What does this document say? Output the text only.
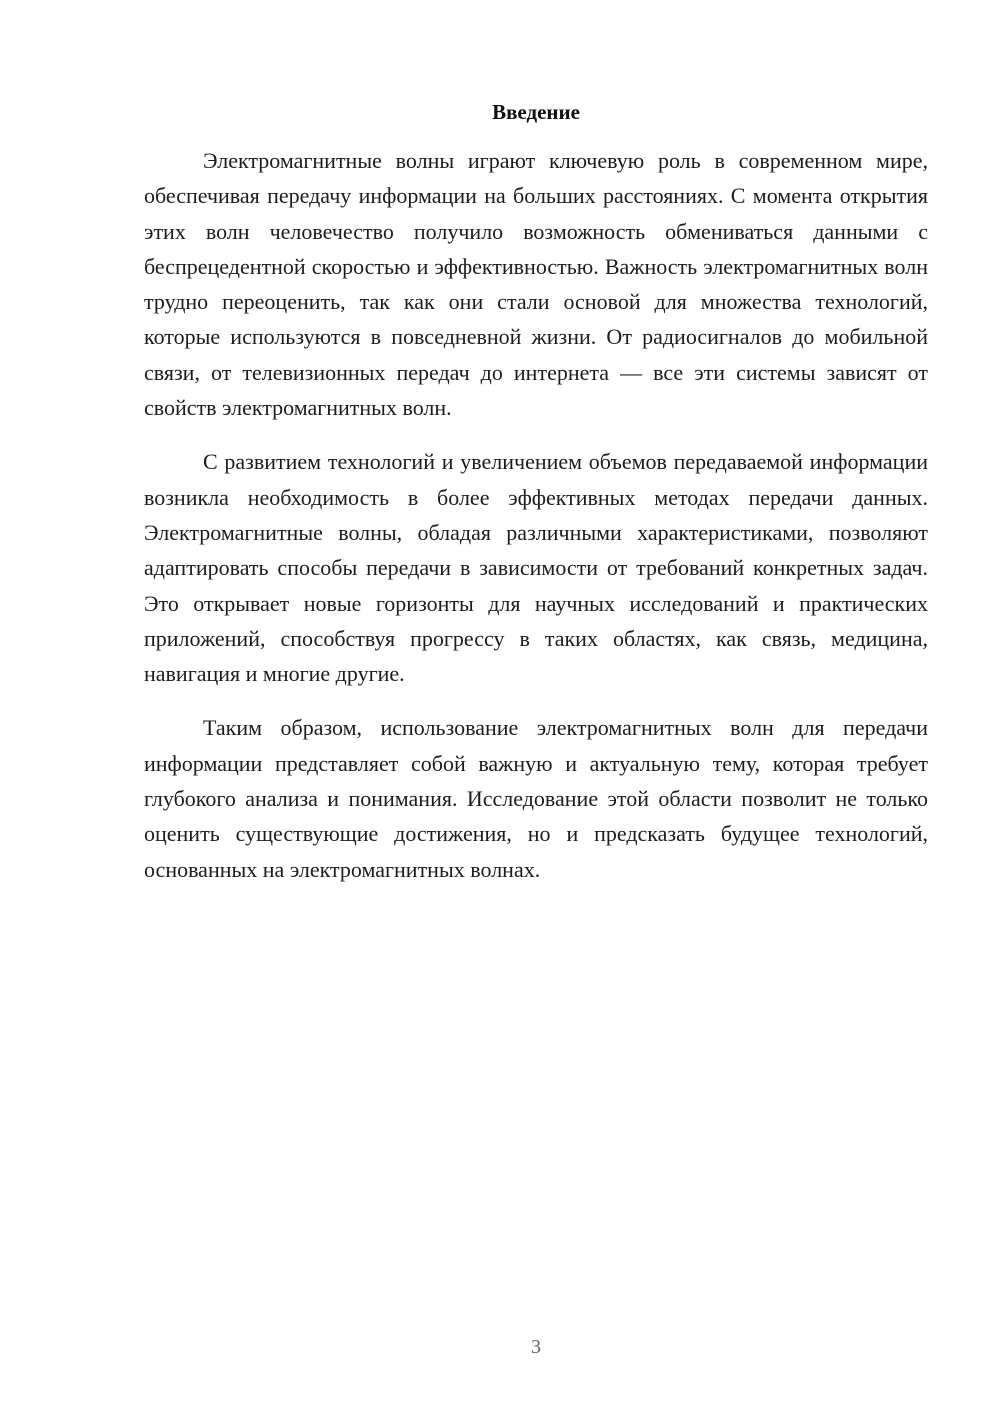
Введение

Электромагнитные волны играют ключевую роль в современном мире, обеспечивая передачу информации на больших расстояниях. С момента открытия этих волн человечество получило возможность обмениваться данными с беспрецедентной скоростью и эффективностью. Важность электромагнитных волн трудно переоценить, так как они стали основой для множества технологий, которые используются в повседневной жизни. От радиосигналов до мобильной связи, от телевизионных передач до интернета — все эти системы зависят от свойств электромагнитных волн.

С развитием технологий и увеличением объемов передаваемой информации возникла необходимость в более эффективных методах передачи данных. Электромагнитные волны, обладая различными характеристиками, позволяют адаптировать способы передачи в зависимости от требований конкретных задач. Это открывает новые горизонты для научных исследований и практических приложений, способствуя прогрессу в таких областях, как связь, медицина, навигация и многие другие.

Таким образом, использование электромагнитных волн для передачи информации представляет собой важную и актуальную тему, которая требует глубокого анализа и понимания. Исследование этой области позволит не только оценить существующие достижения, но и предсказать будущее технологий, основанных на электромагнитных волнах.

3
